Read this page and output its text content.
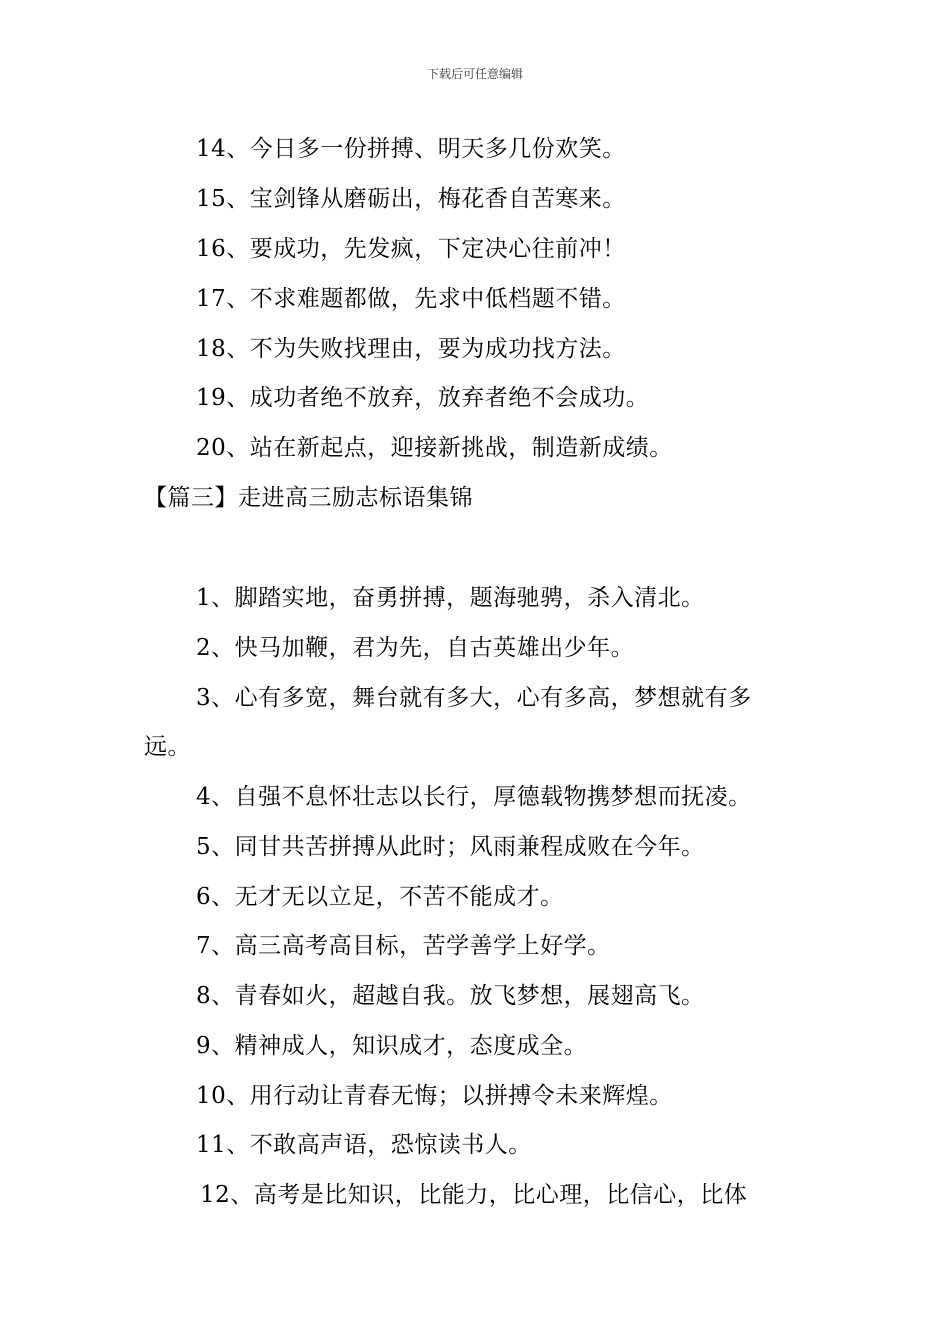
下载后可任意编辑
14、今日多一份拼搏、明天多几份欢笑。
15、宝剑锋从磨砺出，梅花香自苦寒来。
16、要成功，先发疯，下定决心往前冲！
17、不求难题都做，先求中低档题不错。
18、不为失败找理由，要为成功找方法。
19、成功者绝不放弃，放弃者绝不会成功。
20、站在新起点，迎接新挑战，制造新成绩。
【篇三】走进高三励志标语集锦
1、脚踏实地，奋勇拼搏，题海驰骋，杀入清北。
2、快马加鞭，君为先，自古英雄出少年。
3、心有多宽，舞台就有多大，心有多高，梦想就有多
远。
4、自强不息怀壮志以长行，厚德载物携梦想而抚凌。
5、同甘共苦拼搏从此时；风雨兼程成败在今年。
6、无才无以立足，不苦不能成才。
7、高三高考高目标，苦学善学上好学。
8、青春如火，超越自我。放飞梦想，展翅高飞。
9、精神成人，知识成才，态度成全。
10、用行动让青春无悔；以拼搏令未来辉煌。
11、不敢高声语，恐惊读书人。
12、高考是比知识，比能力，比心理，比信心，比体
